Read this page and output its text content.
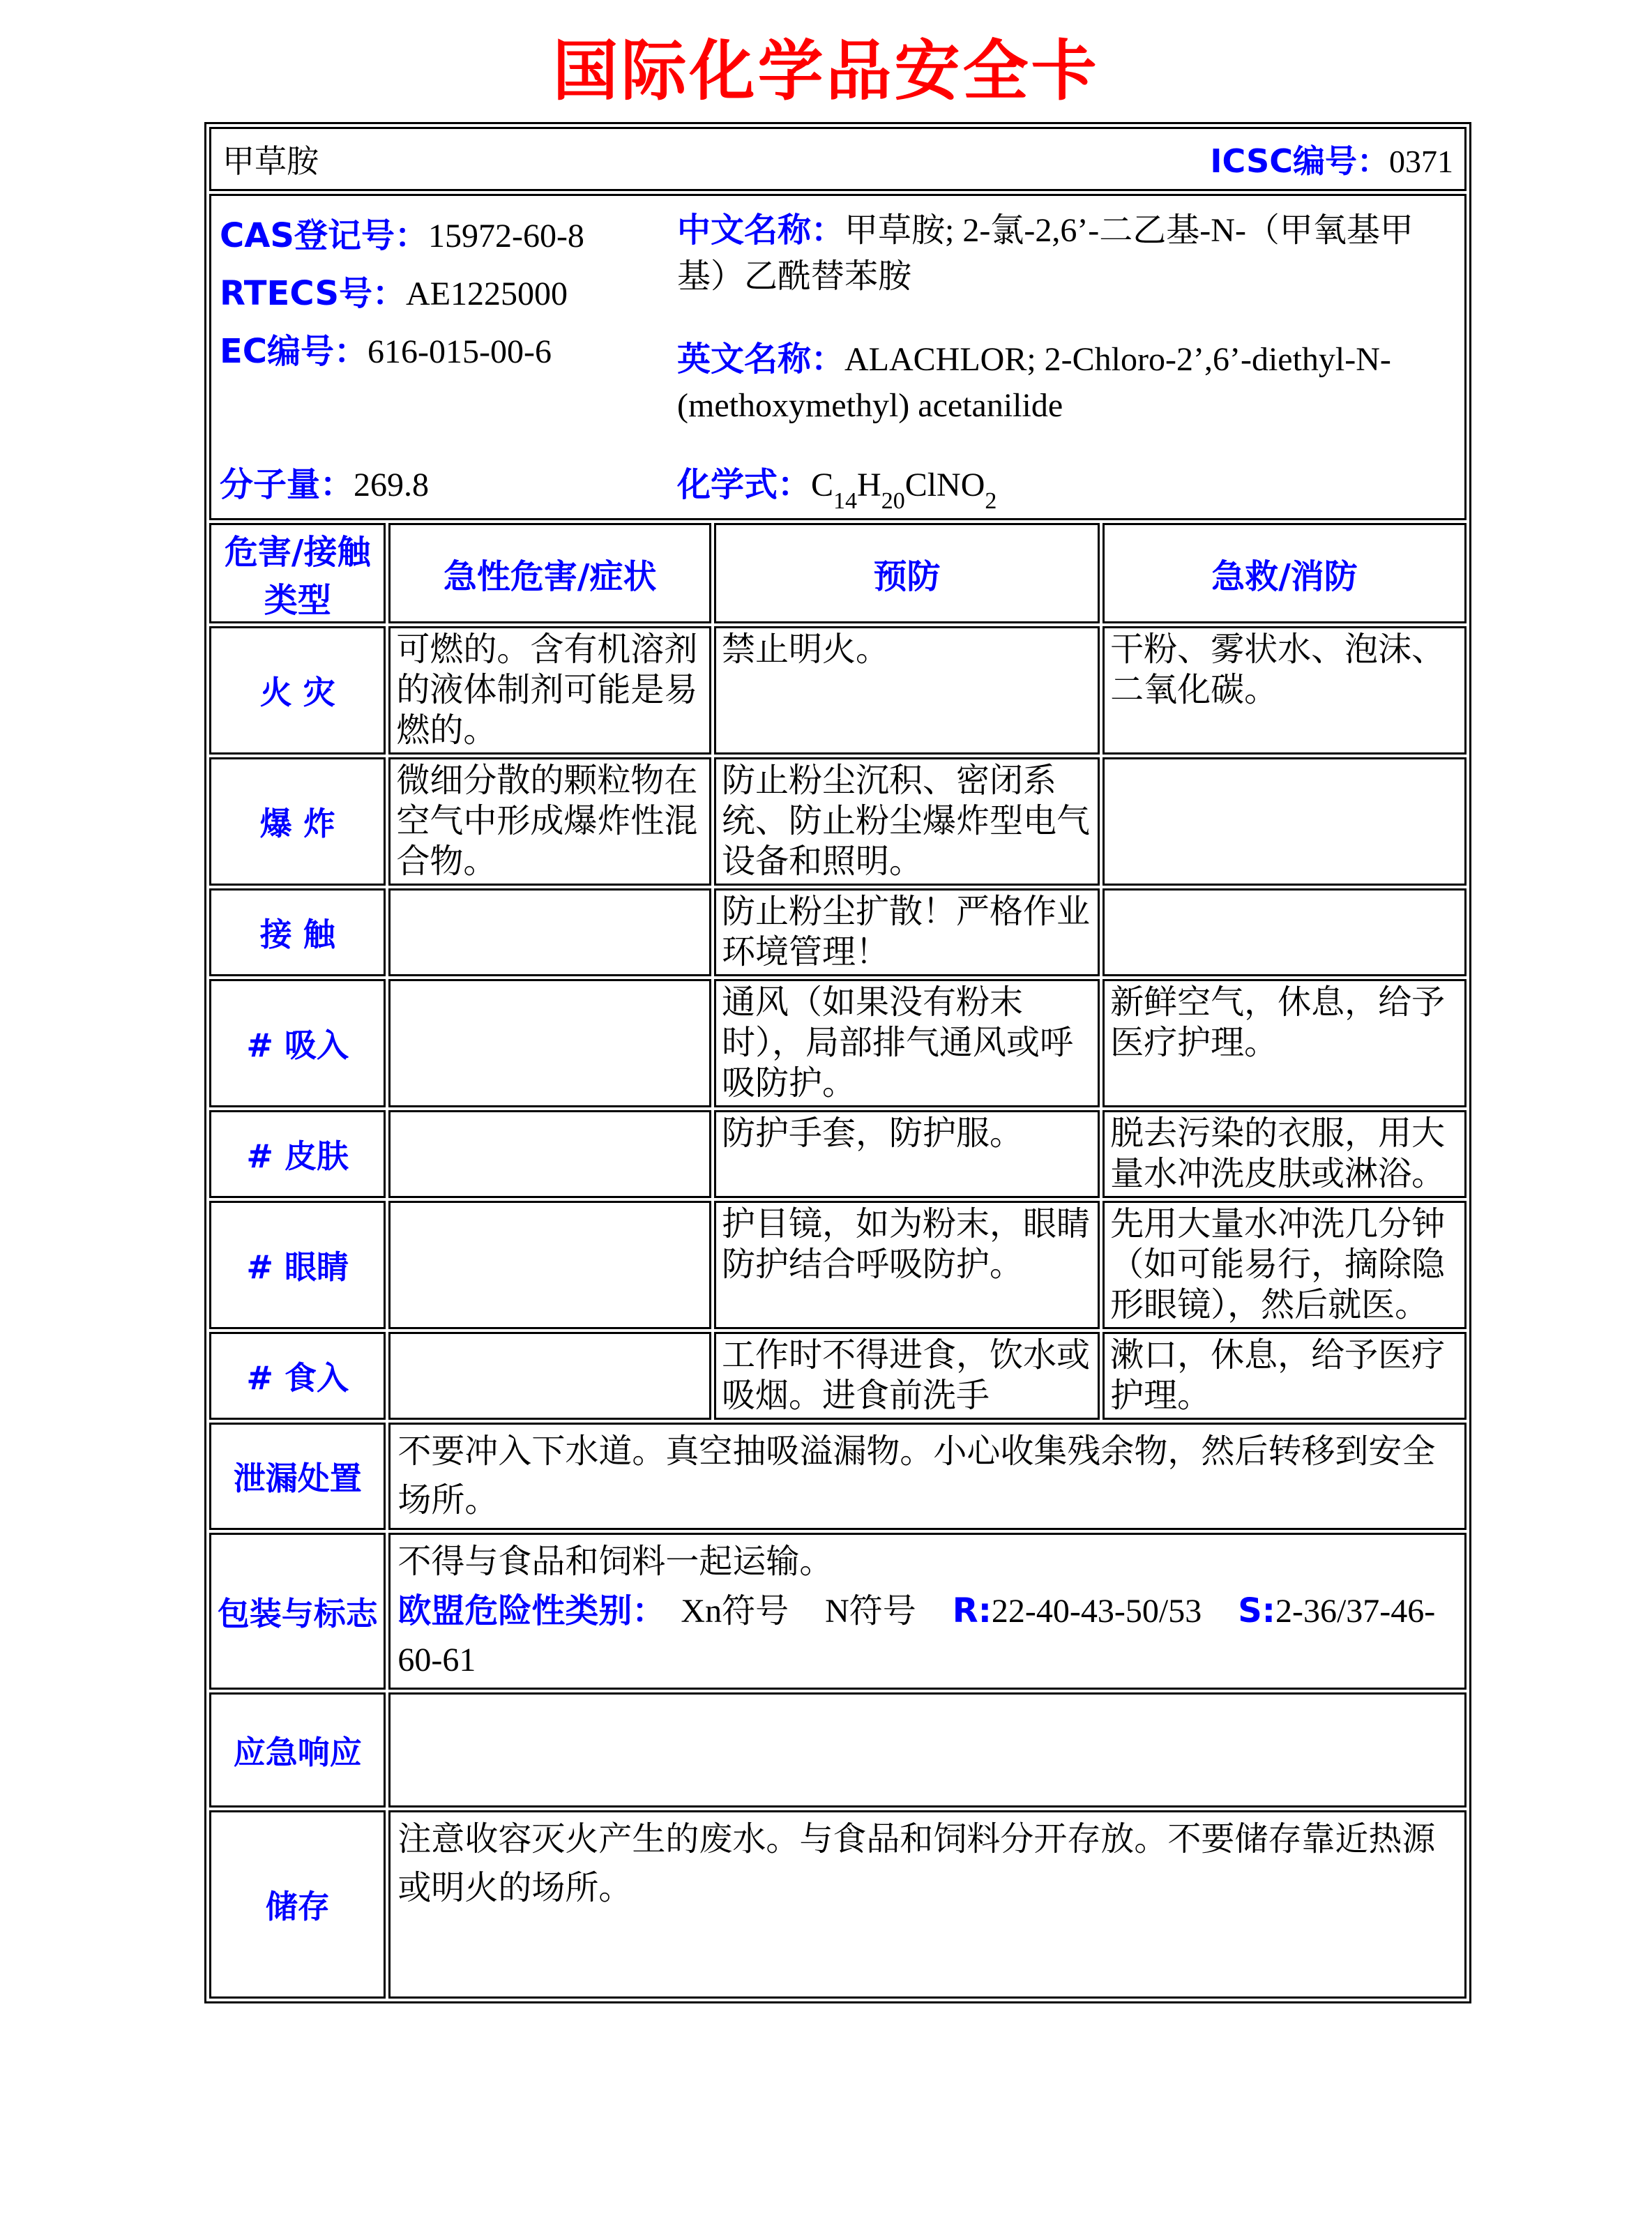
国际化学品安全卡
甲草胺 ICSC编号：0371			

CAS登记号：15972-60-8
RTECS号：AE1225000
EC编号：616-015-00-6
中文名称：甲草胺; 2-氯-2,6’-二乙基-N-（甲氧基甲基）乙酰替苯胺
英文名称：ALACHLOR; 2-Chloro-2’,6’-diethyl-N-(methoxymethyl) acetanilide
分子量：269.8	化学式：$C_{14}H_{20}ClNO_2$

危害/接触类型	急性危害/症状	预防	急救/消防
火 灾	可燃的。含有机溶剂的液体制剂可能是易燃的。	禁止明火。	干粉、雾状水、泡沫、二氧化碳。
爆 炸	微细分散的颗粒物在空气中形成爆炸性混合物。	防止粉尘沉积、密闭系统、防止粉尘爆炸型电气设备和照明。	
接 触		防止粉尘扩散！严格作业环境管理！	
# 吸入		通风（如果没有粉末时），局部排气通风或呼吸防护。	新鲜空气，休息，给予医疗护理。
# 皮肤		防护手套，防护服。	脱去污染的衣服，用大量水冲洗皮肤或淋浴。
# 眼睛		护目镜，如为粉末，眼睛防护结合呼吸防护。	先用大量水冲洗几分钟（如可能易行，摘除隐形眼镜），然后就医。
# 食入		工作时不得进食，饮水或吸烟。进食前洗手	漱口，休息，给予医疗护理。
泄漏处置	不要冲入下水道。真空抽吸溢漏物。小心收集残余物，然后转移到安全场所。		
包装与标志	不得与食品和饲料一起运输。
欧盟危险性类别： Xn符号 N符号 R:22-40-43-50/53 S:2-36/37-46-60-61		

应急响应			
储存	注意收容灭火产生的废水。与食品和饲料分开存放。不要储存靠近热源或明火的场所。		
